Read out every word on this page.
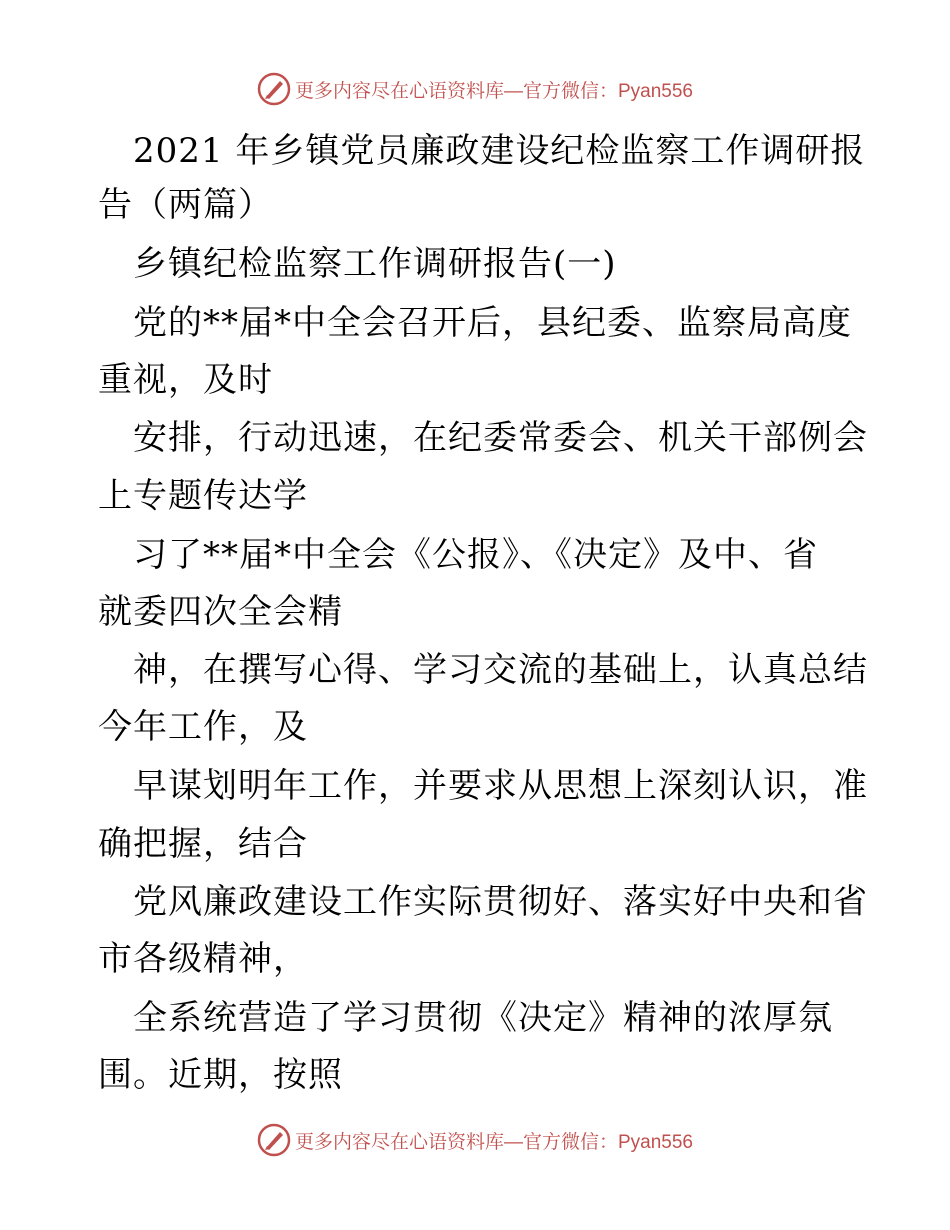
更多内容尽在心语资料库—官方微信：Pyan556
2021 年乡镇党员廉政建设纪检监察工作调研报
告（两篇）
乡镇纪检监察工作调研报告(一)
党的**届*中全会召开后，县纪委、监察局高度
重视，及时
安排，行动迅速，在纪委常委会、机关干部例会
上专题传达学
习了**届*中全会《公报》、《决定》及中、省
就委四次全会精
神，在撰写心得、学习交流的基础上，认真总结
今年工作，及
早谋划明年工作，并要求从思想上深刻认识，准
确把握，结合
党风廉政建设工作实际贯彻好、落实好中央和省
市各级精神，
全系统营造了学习贯彻《决定》精神的浓厚氛
围。近期，按照
更多内容尽在心语资料库—官方微信：Pyan556
